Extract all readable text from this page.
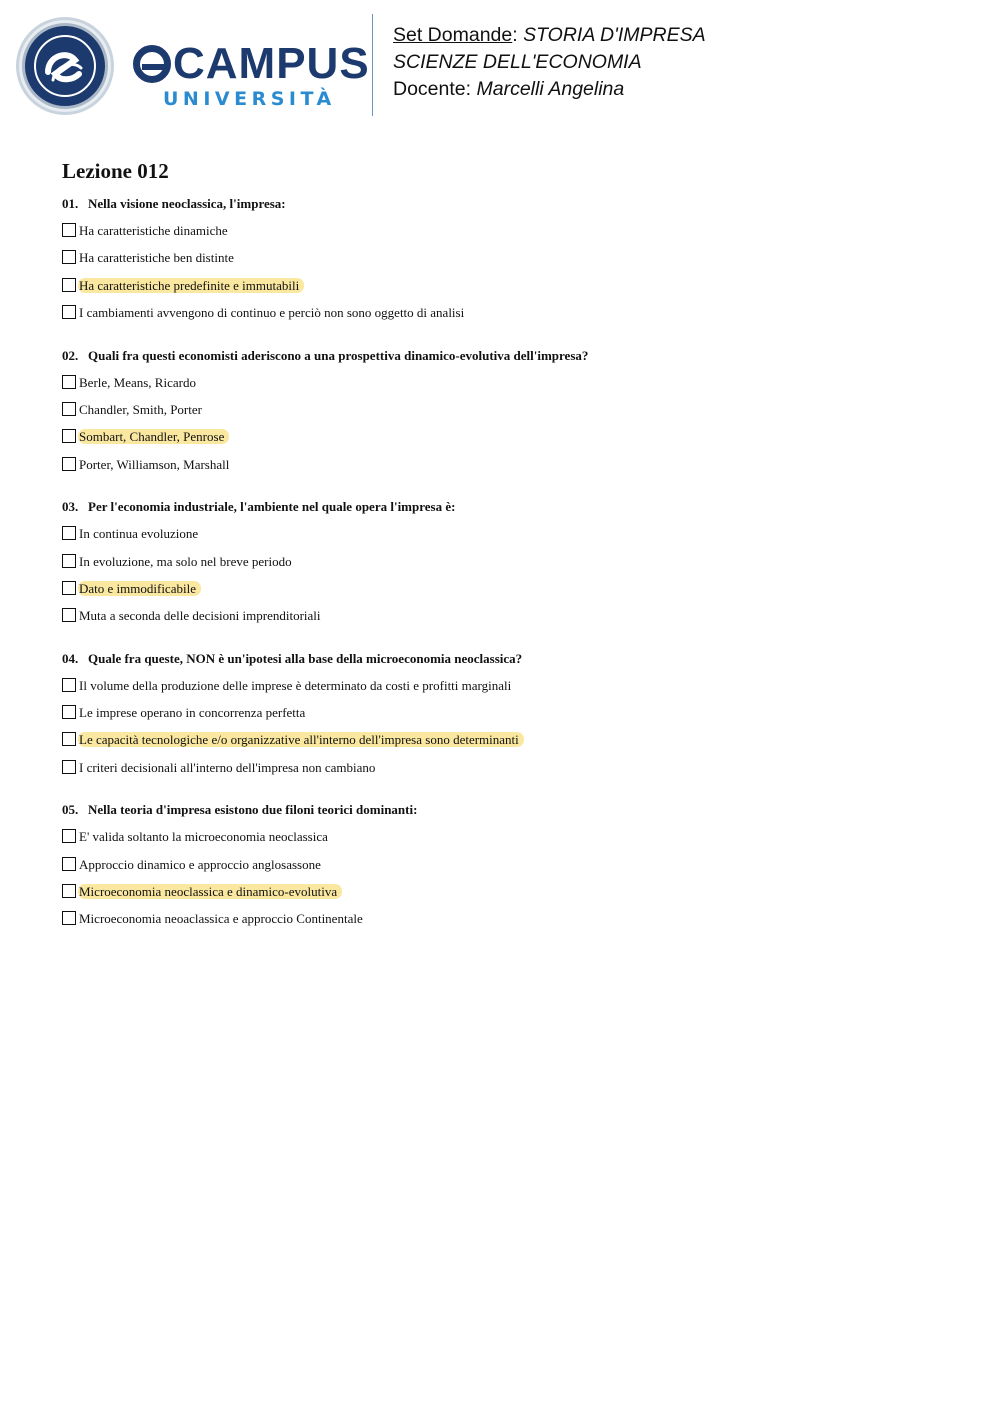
CAMPUS
UNIVERSITÀ
Set Domande: STORIA D'IMPRESA
SCIENZE DELL'ECONOMIA
Docente: Marcelli Angelina
Lezione 012
01. Nella visione neoclassica, l'impresa:
Ha caratteristiche dinamiche
Ha caratteristiche ben distinte
Ha caratteristiche predefinite e immutabili
I cambiamenti avvengono di continuo e perciò non sono oggetto di analisi
02. Quali fra questi economisti aderiscono a una prospettiva dinamico-evolutiva dell'impresa?
Berle, Means, Ricardo
Chandler, Smith, Porter
Sombart, Chandler, Penrose
Porter, Williamson, Marshall
03. Per l'economia industriale, l'ambiente nel quale opera l'impresa è:
In continua evoluzione
In evoluzione, ma solo nel breve periodo
Dato e immodificabile
Muta a seconda delle decisioni imprenditoriali
04. Quale fra queste, NON è un'ipotesi alla base della microeconomia neoclassica?
Il volume della produzione delle imprese è determinato da costi e profitti marginali
Le imprese operano in concorrenza perfetta
Le capacità tecnologiche e/o organizzative all'interno dell'impresa sono determinanti
I criteri decisionali all'interno dell'impresa non cambiano
05. Nella teoria d'impresa esistono due filoni teorici dominanti:
E' valida soltanto la microeconomia neoclassica
Approccio dinamico e approccio anglosassone
Microeconomia neoclassica e dinamico-evolutiva
Microeconomia neoaclassica e approccio Continentale
